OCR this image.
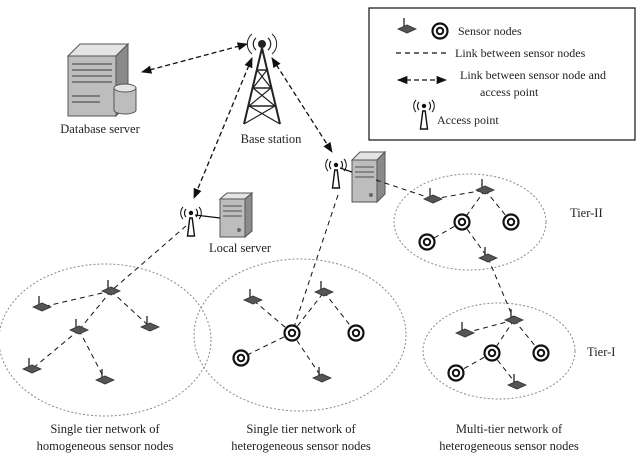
Sensor nodes
Link between sensor nodes
Link between sensor node and
access point
Access point
Database server
Base station
Local server
Tier-II
Tier-I
Single tier network of
homogeneous sensor nodes
Single tier network of
heterogeneous sensor nodes
Multi-tier network of
heterogeneous sensor nodes
